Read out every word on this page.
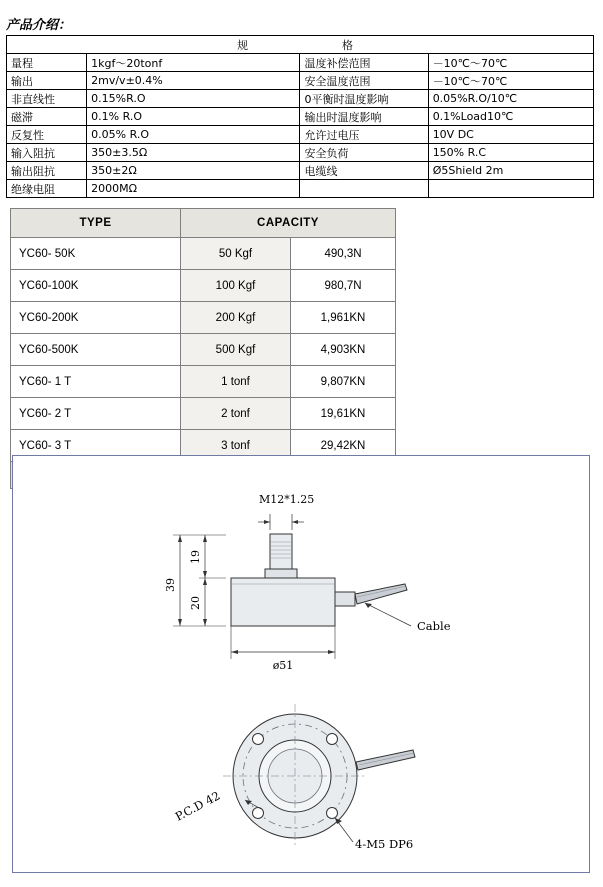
产品介绍：
规　　　　格			
量程	1kgf〜20tonf	温度补偿范围	－10℃〜70℃
输出	2mv/v±0.4%	安全温度范围	－10℃〜70℃
非直线性	0.15%R.O	0平衡时温度影响	0.05%R.O/10℃
磁滞	0.1% R.O	输出时温度影响	0.1%Load10℃
反复性	0.05% R.O	允许过电压	10V DC
输入阻抗	350±3.5Ω	安全负荷	150% R.C
输出阻抗	350±2Ω	电缆线	Ø5Shield 2m
绝缘电阻	2000MΩ		
TYPE	CAPACITY	
YC60- 50K	50 Kgf	490,3N
YC60-100K	100 Kgf	980,7N
YC60-200K	200 Kgf	1,961KN
YC60-500K	500 Kgf	4,903KN
YC60- 1 T	1 tonf	9,807KN
YC60- 2 T	2 tonf	19,61KN
YC60- 3 T	3 tonf	29,42KN

Cable
M12*1.25
39
19
20
ø51
P.C.D 42
4-M5 DP6
